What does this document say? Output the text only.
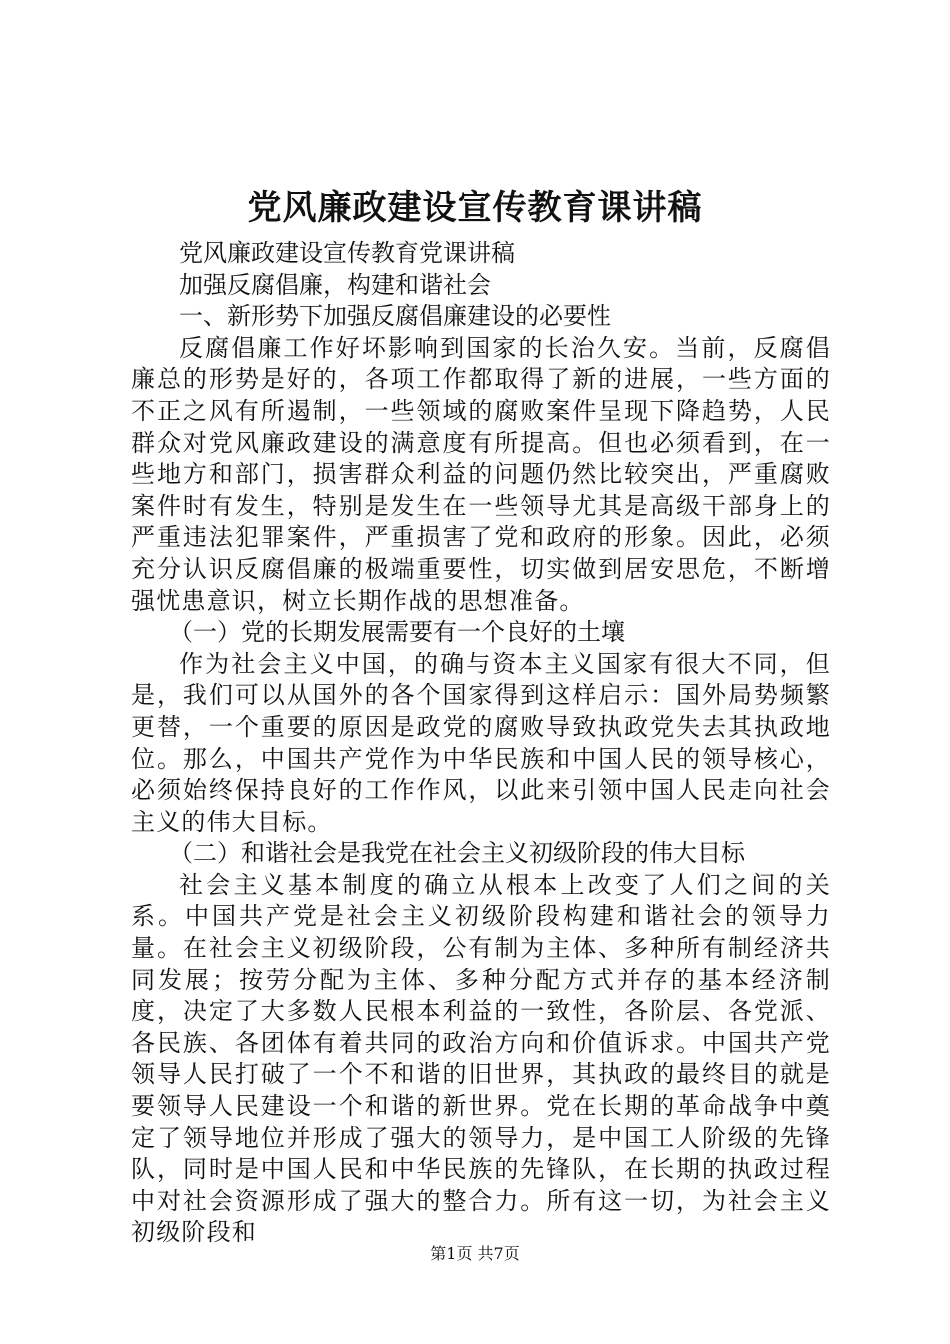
党风廉政建设宣传教育课讲稿

党风廉政建设宣传教育党课讲稿

加强反腐倡廉，构建和谐社会

一、新形势下加强反腐倡廉建设的必要性

反腐倡廉工作好坏影响到国家的长治久安。当前，反腐倡廉总的形势是好的，各项工作都取得了新的进展，一些方面的不正之风有所遏制，一些领域的腐败案件呈现下降趋势，人民群众对党风廉政建设的满意度有所提高。但也必须看到，在一些地方和部门，损害群众利益的问题仍然比较突出，严重腐败案件时有发生，特别是发生在一些领导尤其是高级干部身上的严重违法犯罪案件，严重损害了党和政府的形象。因此，必须充分认识反腐倡廉的极端重要性，切实做到居安思危，不断增强忧患意识，树立长期作战的思想准备。

（一）党的长期发展需要有一个良好的土壤

作为社会主义中国，的确与资本主义国家有很大不同，但是，我们可以从国外的各个国家得到这样启示：国外局势频繁更替，一个重要的原因是政党的腐败导致执政党失去其执政地位。那么，中国共产党作为中华民族和中国人民的领导核心，必须始终保持良好的工作作风，以此来引领中国人民走向社会主义的伟大目标。

（二）和谐社会是我党在社会主义初级阶段的伟大目标

社会主义基本制度的确立从根本上改变了人们之间的关系。中国共产党是社会主义初级阶段构建和谐社会的领导力量。在社会主义初级阶段，公有制为主体、多种所有制经济共同发展；按劳分配为主体、多种分配方式并存的基本经济制度，决定了大多数人民根本利益的一致性，各阶层、各党派、各民族、各团体有着共同的政治方向和价值诉求。中国共产党领导人民打破了一个不和谐的旧世界，其执政的最终目的就是要领导人民建设一个和谐的新世界。党在长期的革命战争中奠定了领导地位并形成了强大的领导力，是中国工人阶级的先锋队，同时是中国人民和中华民族的先锋队，在长期的执政过程中对社会资源形成了强大的整合力。所有这一切，为社会主义初级阶段和

第1页 共7页
